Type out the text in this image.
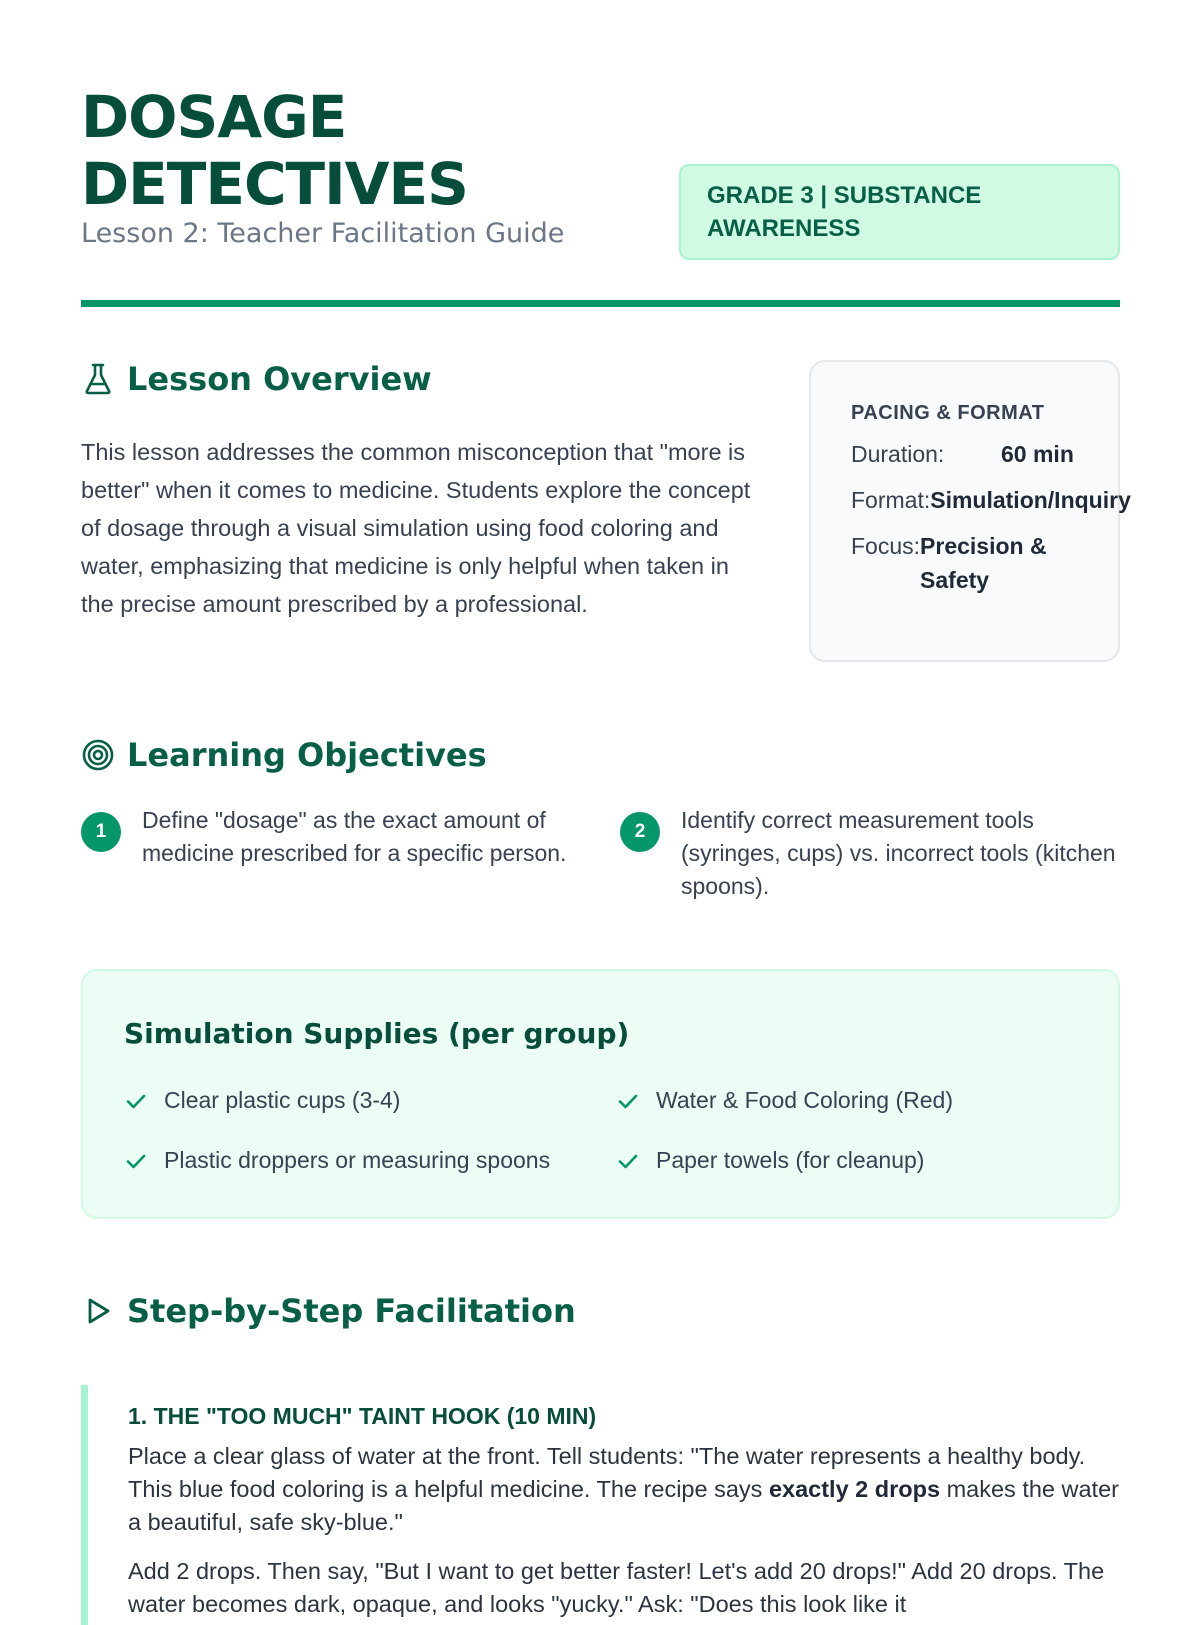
DOSAGE
DETECTIVES
Lesson 2: Teacher Facilitation Guide
GRADE 3 | SUBSTANCE AWARENESS
Lesson Overview

This lesson addresses the common misconception that "more is better" when it comes to medicine. Students explore the concept of dosage through a visual simulation using food coloring and water, emphasizing that medicine is only helpful when taken in the precise amount prescribed by a professional.

PACING & FORMAT
Duration:	60 min
Format: Simulation/Inquiry
Focus: Precision & Safety
Learning Objectives
1	Define "dosage" as the exact amount of medicine prescribed for a specific person.
2	Identify correct measurement tools (syringes, cups) vs. incorrect tools (kitchen spoons).
Simulation Supplies (per group)
Clear plastic cups (3-4)	Water & Food Coloring (Red)
Plastic droppers or measuring spoons	Paper towels (for cleanup)
Step-by-Step Facilitation
1. THE "TOO MUCH" TAINT HOOK (10 MIN)

Place a clear glass of water at the front. Tell students: "The water represents a healthy body. This blue food coloring is a helpful medicine. The recipe says exactly 2 drops makes the water a beautiful, safe sky-blue."

Add 2 drops. Then say, "But I want to get better faster! Let's add 20 drops!" Add 20 drops. The water becomes dark, opaque, and looks "yucky." Ask: "Does this look like it
